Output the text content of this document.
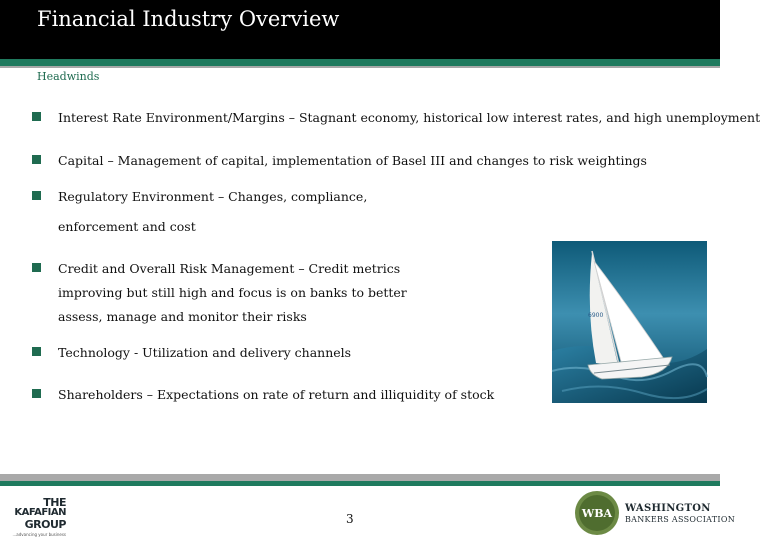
Financial Industry Overview
Headwinds
Interest Rate Environment/Margins – Stagnant economy, historical low interest rates, and high unemployment
Capital – Management of capital, implementation of Basel III and changes to risk weightings
Regulatory Environment – Changes, compliance,
enforcement and cost
Credit and Overall Risk Management – Credit metrics
improving but still high and focus is on banks to better
assess, manage and monitor their risks
Technology - Utilization and delivery channels
Shareholders – Expectations on rate of return and illiquidity of stock
6900
THE
KAFAFIAN
GROUP
...advancing your business
3	WBA WASHINGTON
BANKERS ASSOCIATION
